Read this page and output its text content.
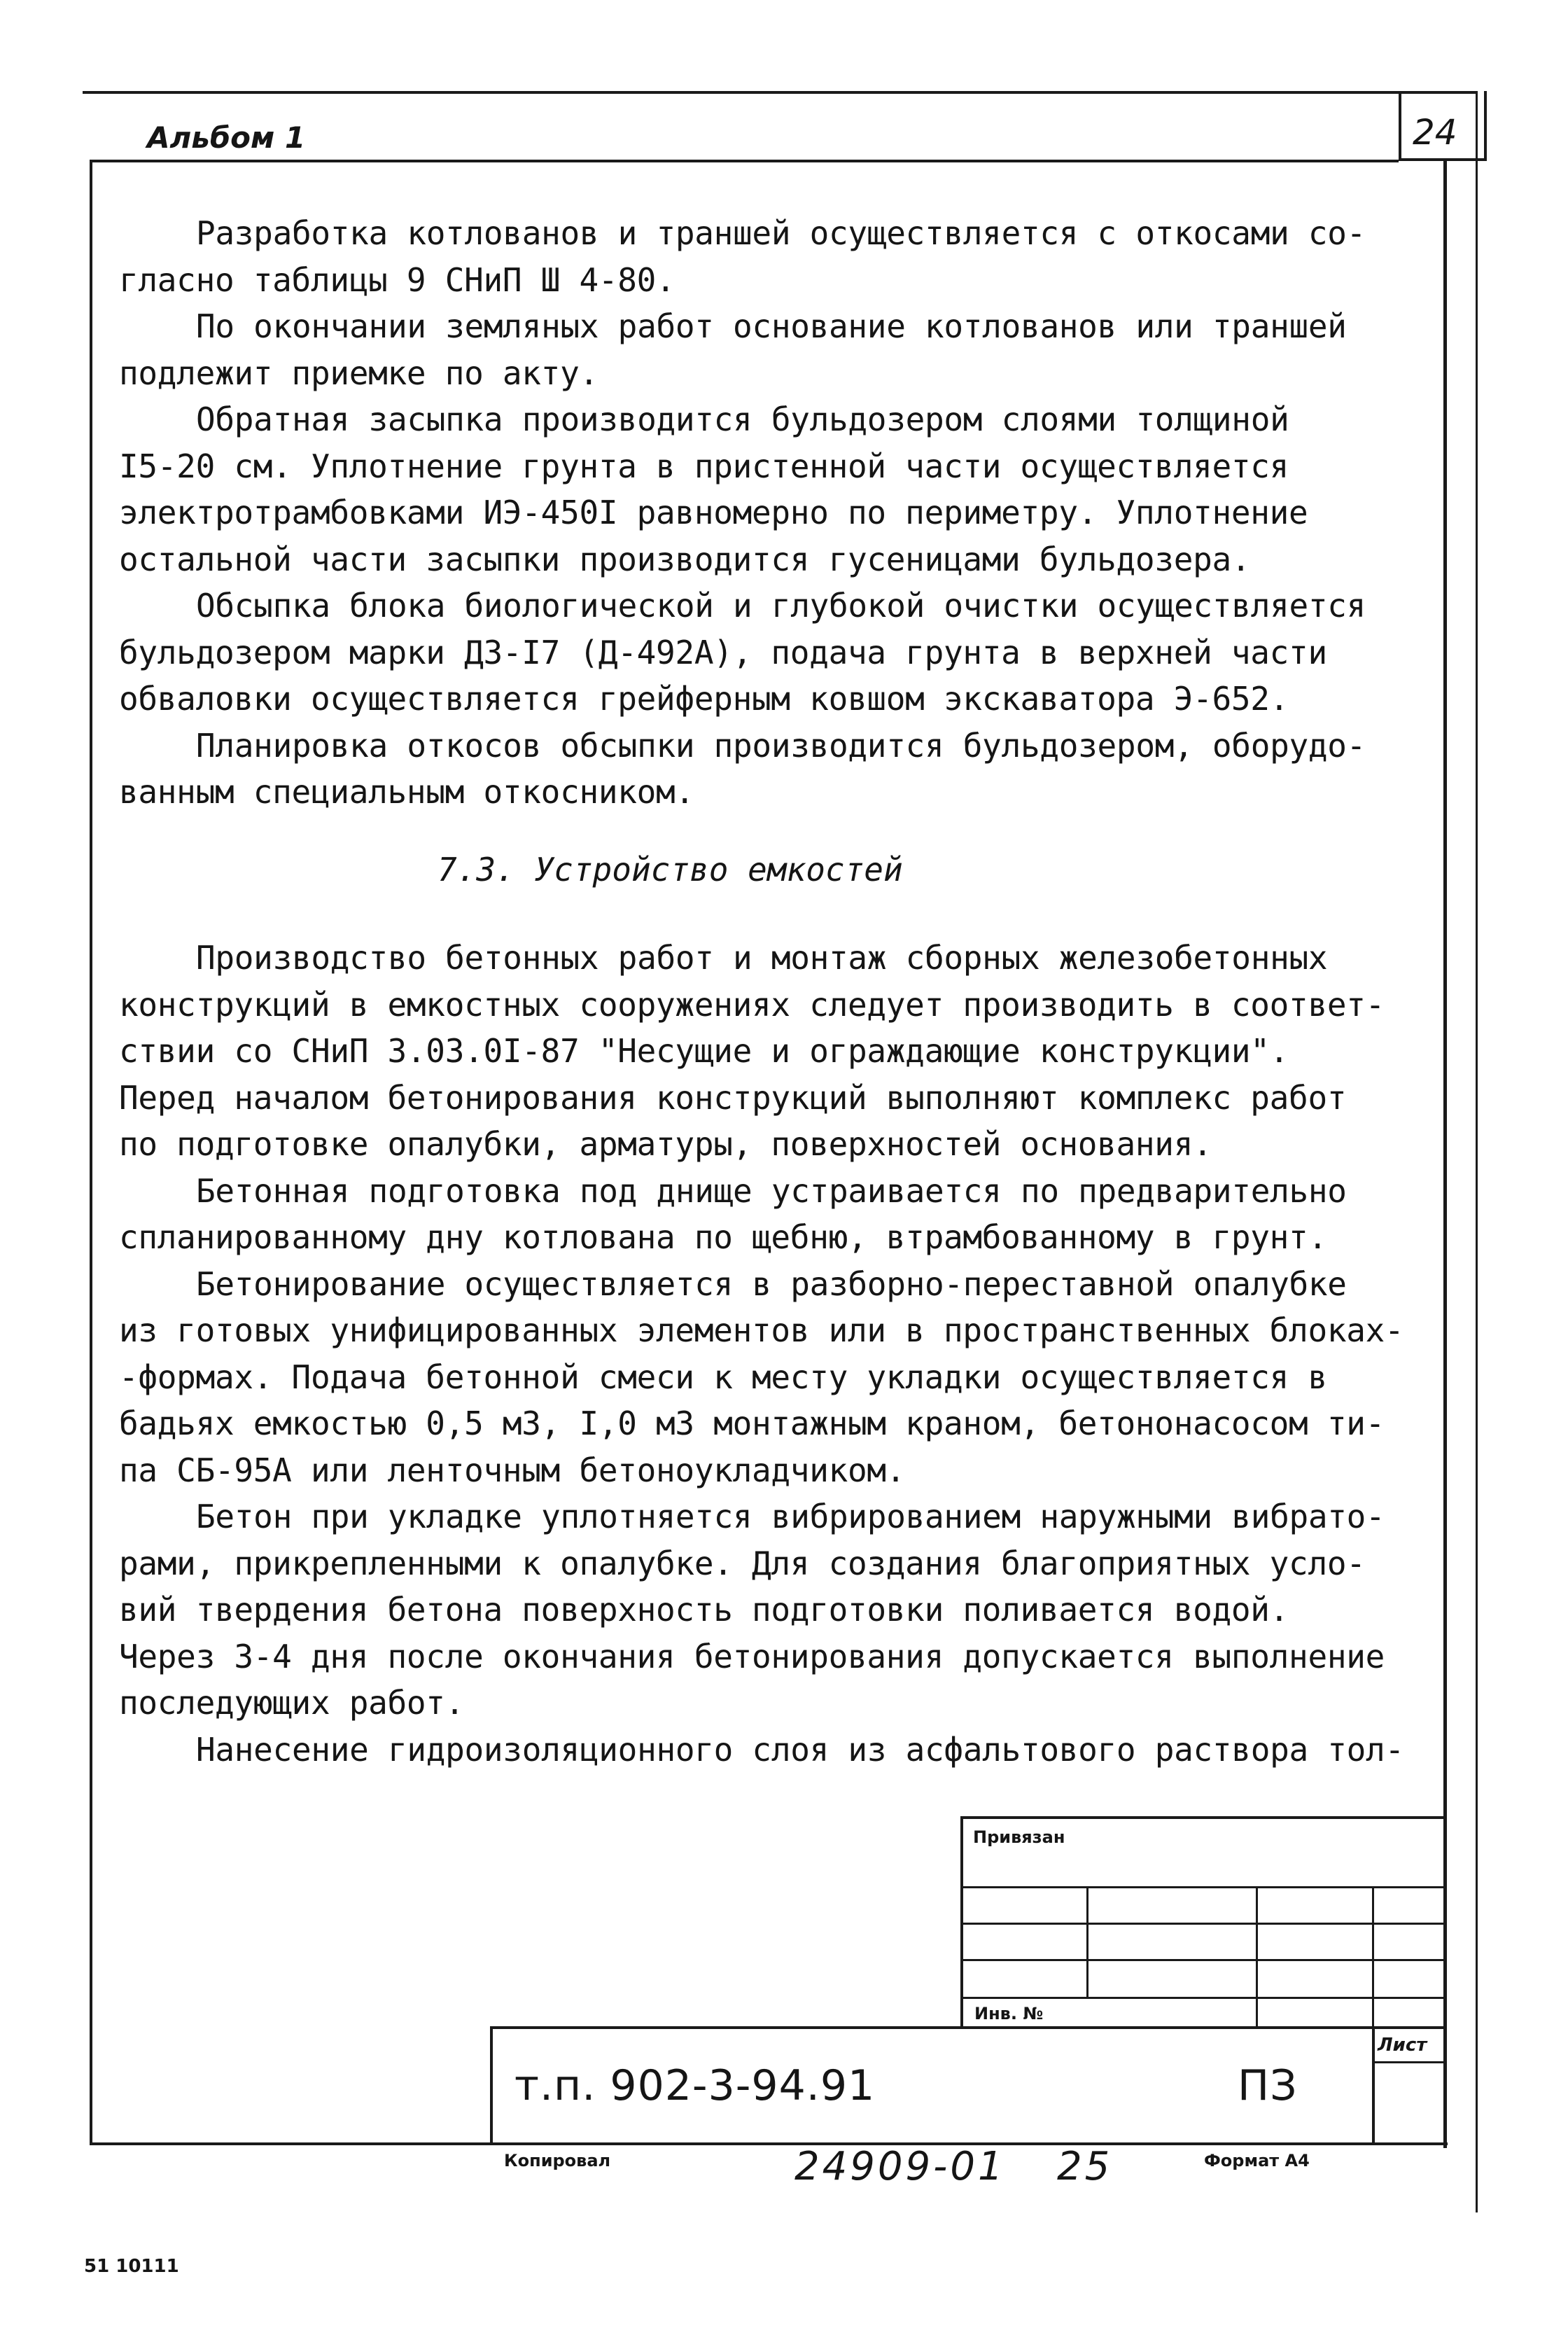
Альбом 1	24

Разработка котлованов и траншей осуществляется с откосами со-

гласно таблицы 9 СНиП Ш 4-80.

По окончании земляных работ основание котлованов или траншей

подлежит приемке по акту.

Обратная засыпка производится бульдозером слоями толщиной

I5-20 см. Уплотнение грунта в пристенной части осуществляется

электротрамбовками ИЭ-450I равномерно по периметру. Уплотнение

остальной части засыпки производится гусеницами бульдозера.

Обсыпка блока биологической и глубокой очистки осуществляется

бульдозером марки ДЗ-I7 (Д-492А), подача грунта в верхней части

обваловки осуществляется грейферным ковшом экскаватора Э-652.

Планировка откосов обсыпки производится бульдозером, оборудо-

ванным специальным откосником.

7.3. Устройство емкостей

Производство бетонных работ и монтаж сборных железобетонных

конструкций в емкостных сооружениях следует производить в соответ-

ствии со СНиП 3.03.0I-87 "Несущие и ограждающие конструкции".

Перед началом бетонирования конструкций выполняют комплекс работ

по подготовке опалубки, арматуры, поверхностей основания.

Бетонная подготовка под днище устраивается по предварительно

спланированному дну котлована по щебню, втрамбованному в грунт.

Бетонирование осуществляется в разборно-переставной опалубке

из готовых унифицированных элементов или в пространственных блоках-

-формах. Подача бетонной смеси к месту укладки осуществляется в

бадьях емкостью 0,5 м3, I,0 м3 монтажным краном, бетононасосом ти-

па СБ-95А или ленточным бетоноукладчиком.

Бетон при укладке уплотняется вибрированием наружными вибрато-

рами, прикрепленными к опалубке. Для создания благоприятных усло-

вий твердения бетона поверхность подготовки поливается водой.

Через 3-4 дня после окончания бетонирования допускается выполнение

последующих работ.

Нанесение гидроизоляционного слоя из асфальтового раствора тол-

Привязан
Инв. №
Лист
т.п. 902-3-94.91	ПЗ
Копировал	24909-01 25	Формат А4
51 10111
